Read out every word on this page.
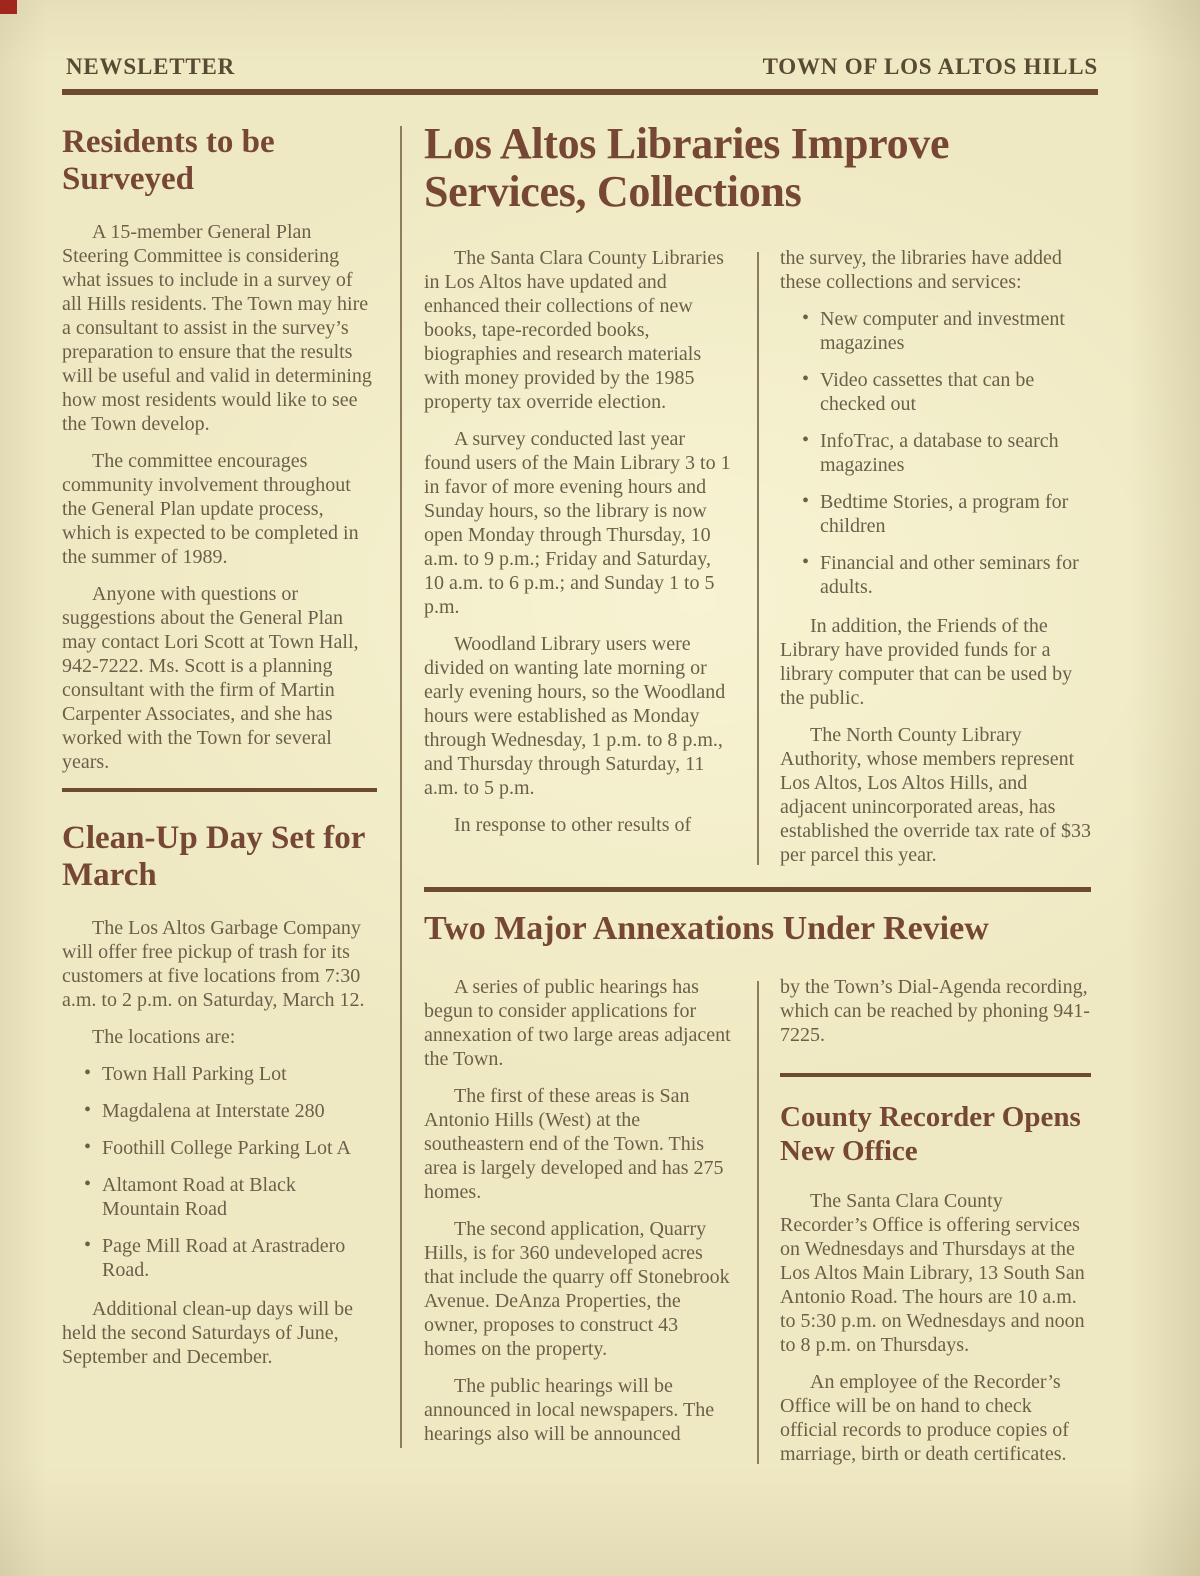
NEWSLETTER	TOWN OF LOS ALTOS HILLS
Residents to be Surveyed

A 15-member General Plan Steering Committee is considering what issues to include in a survey of all Hills residents. The Town may hire a consultant to assist in the survey’s preparation to ensure that the results will be useful and valid in determining how most residents would like to see the Town develop.

The committee encourages community involvement throughout the General Plan update process, which is expected to be completed in the summer of 1989.

Anyone with questions or suggestions about the General Plan may contact Lori Scott at Town Hall, 942-7222. Ms. Scott is a planning consultant with the firm of Martin Carpenter Associates, and she has worked with the Town for several years.

Clean-Up Day Set for March

The Los Altos Garbage Company will offer free pickup of trash for its customers at five locations from 7:30 a.m. to 2 p.m. on Saturday, March 12.

The locations are:

• Town Hall Parking Lot
• Magdalena at Interstate 280
• Foothill College Parking Lot A
• Altamont Road at Black Mountain Road
• Page Mill Road at Arastradero Road.

Additional clean-up days will be held the second Saturdays of June, September and December.

Los Altos Libraries Improve Services, Collections

The Santa Clara County Libraries in Los Altos have updated and enhanced their collections of new books, tape-recorded books, biographies and research materials with money provided by the 1985 property tax override election.

A survey conducted last year found users of the Main Library 3 to 1 in favor of more evening hours and Sunday hours, so the library is now open Monday through Thursday, 10 a.m. to 9 p.m.; Friday and Saturday, 10 a.m. to 6 p.m.; and Sunday 1 to 5 p.m.

Woodland Library users were divided on wanting late morning or early evening hours, so the Woodland hours were established as Monday through Wednesday, 1 p.m. to 8 p.m., and Thursday through Saturday, 11 a.m. to 5 p.m.

In response to other results of

the survey, the libraries have added these collections and services:

• New computer and investment magazines
• Video cassettes that can be checked out
• InfoTrac, a database to search magazines
• Bedtime Stories, a program for children
• Financial and other seminars for adults.

In addition, the Friends of the Library have provided funds for a library computer that can be used by the public.

The North County Library Authority, whose members represent Los Altos, Los Altos Hills, and adjacent unincorporated areas, has established the override tax rate of $33 per parcel this year.

Two Major Annexations Under Review

A series of public hearings has begun to consider applications for annexation of two large areas adjacent the Town.

The first of these areas is San Antonio Hills (West) at the southeastern end of the Town. This area is largely developed and has 275 homes.

The second application, Quarry Hills, is for 360 undeveloped acres that include the quarry off Stonebrook Avenue. DeAnza Properties, the owner, proposes to construct 43 homes on the property.

The public hearings will be announced in local newspapers. The hearings also will be announced

by the Town’s Dial-Agenda recording, which can be reached by phoning 941-7225.

County Recorder Opens New Office

The Santa Clara County Recorder’s Office is offering services on Wednesdays and Thursdays at the Los Altos Main Library, 13 South San Antonio Road. The hours are 10 a.m. to 5:30 p.m. on Wednesdays and noon to 8 p.m. on Thursdays.

An employee of the Recorder’s Office will be on hand to check official records to produce copies of marriage, birth or death certificates.
